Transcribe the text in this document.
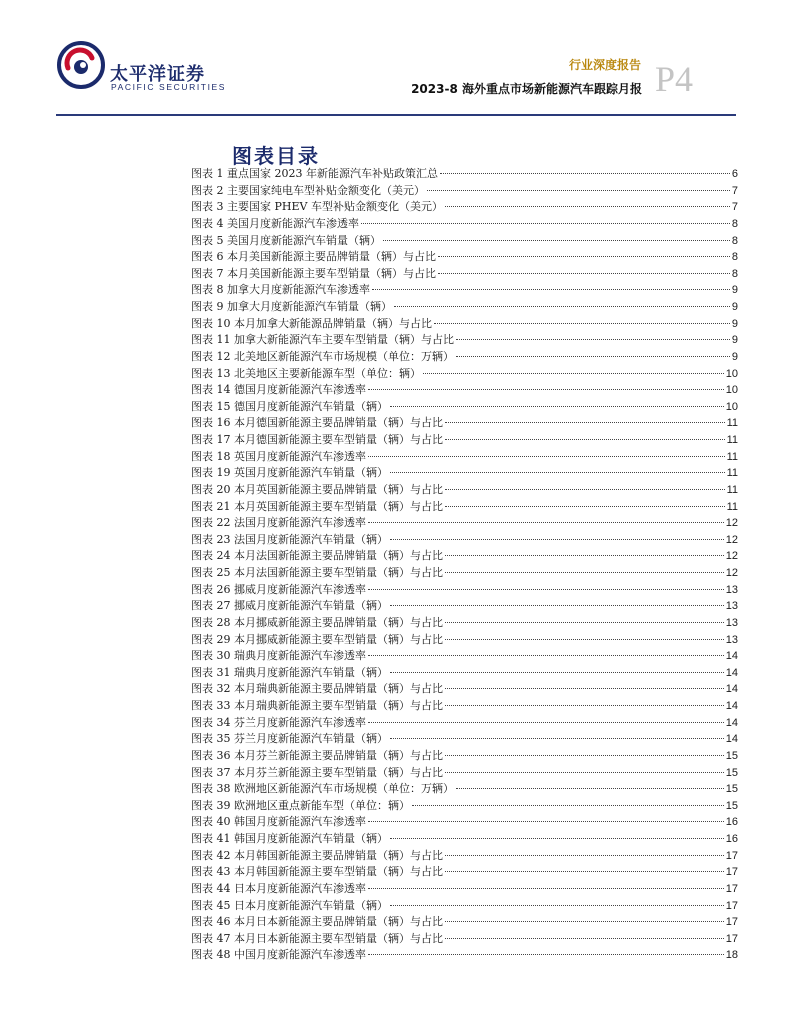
太平洋证券
PACIFIC SECURITIES
行业深度报告
2023-8 海外重点市场新能源汽车跟踪月报 P4
图表目录
图表 1 重点国家 2023 年新能源汽车补贴政策汇总	6
图表 2 主要国家纯电车型补贴金额变化（美元）	7
图表 3 主要国家 PHEV 车型补贴金额变化（美元）	7
图表 4 美国月度新能源汽车渗透率	8
图表 5 美国月度新能源汽车销量（辆）	8
图表 6 本月美国新能源主要品牌销量（辆）与占比	8
图表 7 本月美国新能源主要车型销量（辆）与占比	8
图表 8 加拿大月度新能源汽车渗透率	9
图表 9 加拿大月度新能源汽车销量（辆）	9
图表 10 本月加拿大新能源品牌销量（辆）与占比	9
图表 11 加拿大新能源汽车主要车型销量（辆）与占比	9
图表 12 北美地区新能源汽车市场规模（单位：万辆）	9
图表 13 北美地区主要新能源车型（单位：辆）	10
图表 14 德国月度新能源汽车渗透率	10
图表 15 德国月度新能源汽车销量（辆）	10
图表 16 本月德国新能源主要品牌销量（辆）与占比	11
图表 17 本月德国新能源主要车型销量（辆）与占比	11
图表 18 英国月度新能源汽车渗透率	11
图表 19 英国月度新能源汽车销量（辆）	11
图表 20 本月英国新能源主要品牌销量（辆）与占比	11
图表 21 本月英国新能源主要车型销量（辆）与占比	11
图表 22 法国月度新能源汽车渗透率	12
图表 23 法国月度新能源汽车销量（辆）	12
图表 24 本月法国新能源主要品牌销量（辆）与占比	12
图表 25 本月法国新能源主要车型销量（辆）与占比	12
图表 26 挪威月度新能源汽车渗透率	13
图表 27 挪威月度新能源汽车销量（辆）	13
图表 28 本月挪威新能源主要品牌销量（辆）与占比	13
图表 29 本月挪威新能源主要车型销量（辆）与占比	13
图表 30 瑞典月度新能源汽车渗透率	14
图表 31 瑞典月度新能源汽车销量（辆）	14
图表 32 本月瑞典新能源主要品牌销量（辆）与占比	14
图表 33 本月瑞典新能源主要车型销量（辆）与占比	14
图表 34 芬兰月度新能源汽车渗透率	14
图表 35 芬兰月度新能源汽车销量（辆）	14
图表 36 本月芬兰新能源主要品牌销量（辆）与占比	15
图表 37 本月芬兰新能源主要车型销量（辆）与占比	15
图表 38 欧洲地区新能源汽车市场规模（单位：万辆）	15
图表 39 欧洲地区重点新能车型（单位：辆）	15
图表 40 韩国月度新能源汽车渗透率	16
图表 41 韩国月度新能源汽车销量（辆）	16
图表 42 本月韩国新能源主要品牌销量（辆）与占比	17
图表 43 本月韩国新能源主要车型销量（辆）与占比	17
图表 44 日本月度新能源汽车渗透率	17
图表 45 日本月度新能源汽车销量（辆）	17
图表 46 本月日本新能源主要品牌销量（辆）与占比	17
图表 47 本月日本新能源主要车型销量（辆）与占比	17
图表 48 中国月度新能源汽车渗透率	18
